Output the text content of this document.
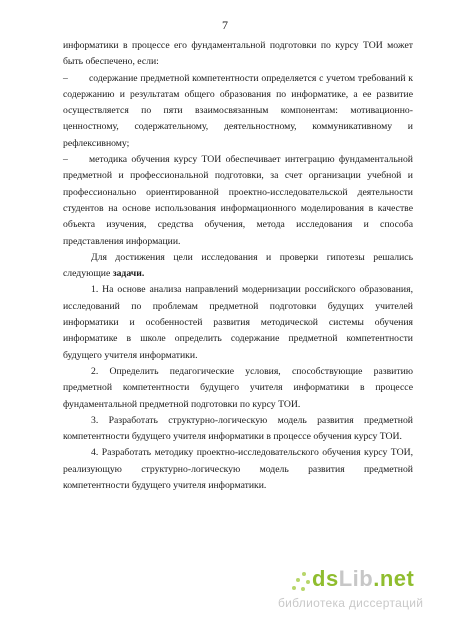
7

информатики в процессе его фундаментальной подготовки по курсу ТОИ может быть обеспечено, если:

– содержание предметной компетентности определяется с учетом требований к содержанию и результатам общего образования по информатике, а ее развитие осуществляется по пяти взаимосвязанным компонентам: мотивационно-ценностному, содержательному, деятельностному, коммуникативному и рефлексивному;

– методика обучения курсу ТОИ обеспечивает интеграцию фундаментальной предметной и профессиональной подготовки, за счет организации учебной и профессионально ориентированной проектно-исследовательской деятельности студентов на основе использования информационного моделирования в качестве объекта изучения, средства обучения, метода исследования и способа представления информации.

Для достижения цели исследования и проверки гипотезы решались следующие задачи.

1. На основе анализа направлений модернизации российского образования, исследований по проблемам предметной подготовки будущих учителей информатики и особенностей развития методической системы обучения информатике в школе определить содержание предметной компетентности будущего учителя информатики.

2. Определить педагогические условия, способствующие развитию предметной компетентности будущего учителя информатики в процессе фундаментальной предметной подготовки по курсу ТОИ.

3. Разработать структурно-логическую модель развития предметной компетентности будущего учителя информатики в процессе обучения курсу ТОИ.

4. Разработать методику проектно-исследовательского обучения курсу ТОИ, реализующую структурно-логическую модель развития предметной компетентности будущего учителя информатики.

dsLib.net
библиотека диссертаций
